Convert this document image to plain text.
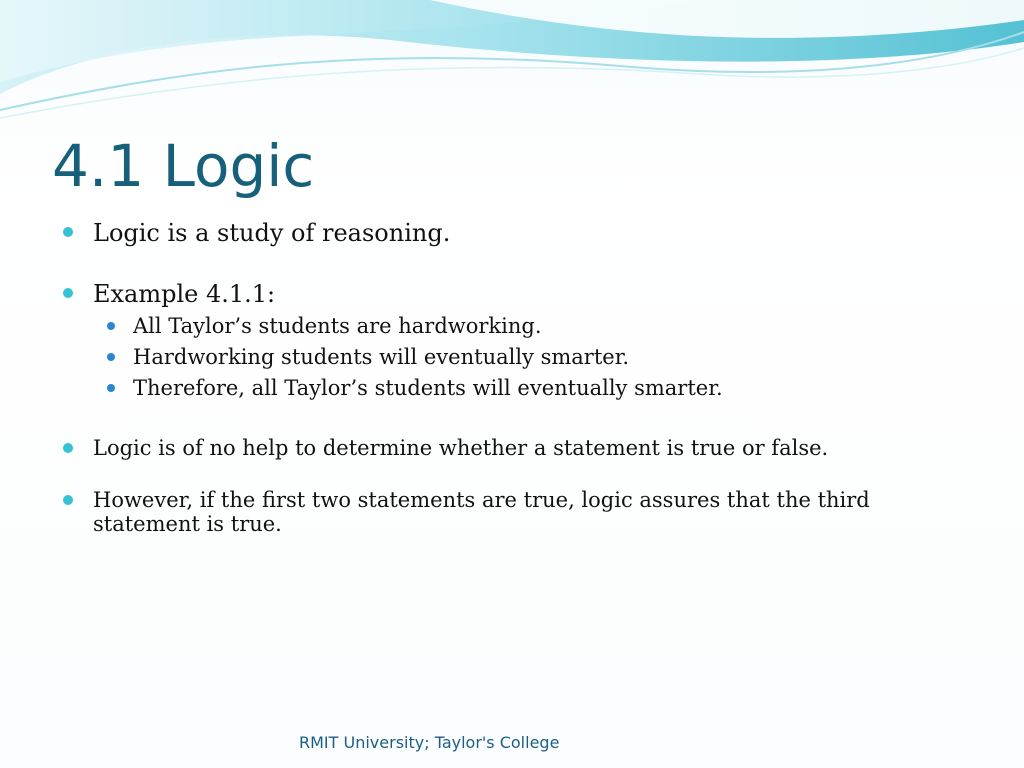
4.1 Logic
Logic is a study of reasoning.
Example 4.1.1:
All Taylor’s students are hardworking.
Hardworking students will eventually smarter.
Therefore, all Taylor’s students will eventually smarter.
Logic is of no help to determine whether a statement is true or false.
However, if the first two statements are true, logic assures that the third statement is true.
RMIT University; Taylor's College
